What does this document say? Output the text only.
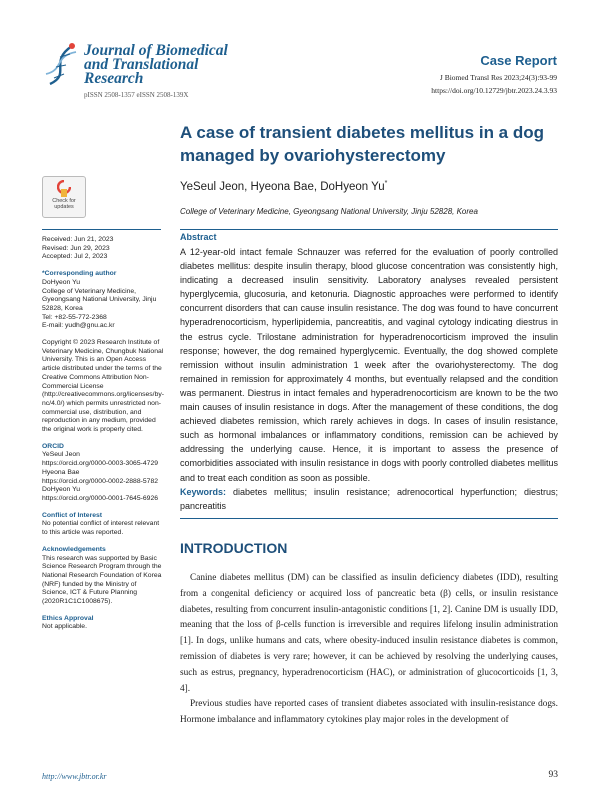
Journal of Biomedical and Translational Research
pISSN 2508-1357 eISSN 2508-139X
Case Report
J Biomed Transl Res 2023;24(3):93-99
https://doi.org/10.12729/jbtr.2023.24.3.93
A case of transient diabetes mellitus in a dog managed by ovariohysterectomy
Check for updates
YeSeul Jeon, Hyeona Bae, DoHyeon Yu*
College of Veterinary Medicine, Gyeongsang National University, Jinju 52828, Korea
Received: Jun 21, 2023
Revised: Jun 29, 2023
Accepted: Jul 2, 2023
*Corresponding author
DoHyeon Yu
College of Veterinary Medicine, Gyeongsang National University, Jinju 52828, Korea
Tel: +82-55-772-2368
E-mail: yudh@gnu.ac.kr
Copyright © 2023 Research Institute of Veterinary Medicine, Chungbuk National University. This is an Open Access article distributed under the terms of the Creative Commons Attribution Non-Commercial License (http://creativecommons.org/licenses/by-nc/4.0/) which permits unrestricted non-commercial use, distribution, and reproduction in any medium, provided the original work is properly cited.
ORCID
YeSeul Jeon
https://orcid.org/0000-0003-3065-4729
Hyeona Bae
https://orcid.org/0000-0002-2888-5782
DoHyeon Yu
https://orcid.org/0000-0001-7645-6926
Conflict of Interest
No potential conflict of interest relevant to this article was reported.
Acknowledgements
This research was supported by Basic Science Research Program through the National Research Foundation of Korea (NRF) funded by the Ministry of Science, ICT & Future Planning (2020R1C1C1008675).
Ethics Approval
Not applicable.
Abstract
A 12-year-old intact female Schnauzer was referred for the evaluation of poorly controlled diabetes mellitus: despite insulin therapy, blood glucose concentration was consistently high, indicating a decreased insulin sensitivity. Laboratory analyses revealed persistent hyperglycemia, glucosuria, and ketonuria. Diagnostic approaches were performed to identify concurrent disorders that can cause insulin resistance. The dog was found to have concurrent hyperadrenocorticism, hyperlipidemia, pancreatitis, and vaginal cytology indicating diestrus in the estrus cycle. Trilostane administration for hyperadrenocorticism improved the insulin response; however, the dog remained hyperglycemic. Eventually, the dog showed complete remission without insulin administration 1 week after the ovariohysterectomy. The dog remained in remission for approximately 4 months, but eventually relapsed and the condition was permanent. Diestrus in intact females and hyperadrenocorticism are known to be the two main causes of insulin resistance in dogs. After the management of these conditions, the dog achieved diabetes remission, which rarely achieves in dogs. In cases of insulin resistance, such as hormonal imbalances or inflammatory conditions, remission can be achieved by addressing the underlying cause. Hence, it is important to assess the presence of comorbidities associated with insulin resistance in dogs with poorly controlled diabetes mellitus and to treat each condition as soon as possible.
Keywords: diabetes mellitus; insulin resistance; adrenocortical hyperfunction; diestrus; pancreatitis
INTRODUCTION

Canine diabetes mellitus (DM) can be classified as insulin deficiency diabetes (IDD), resulting from a congenital deficiency or acquired loss of pancreatic beta (β) cells, or insulin resistance diabetes, resulting from concurrent insulin-antagonistic conditions [1, 2]. Canine DM is usually IDD, meaning that the loss of β-cells function is irreversible and requires lifelong insulin administration [1]. In dogs, unlike humans and cats, where obesity-induced insulin resistance diabetes is common, remission of diabetes is very rare; however, it can be achieved by resolving the underlying causes, such as estrus, pregnancy, hyperadrenocorticism (HAC), or administration of glucocorticoids [1, 3, 4].

Previous studies have reported cases of transient diabetes associated with insulin-resistance dogs. Hormone imbalance and inflammatory cytokines play major roles in the development of

http://www.jbtr.or.kr	93
